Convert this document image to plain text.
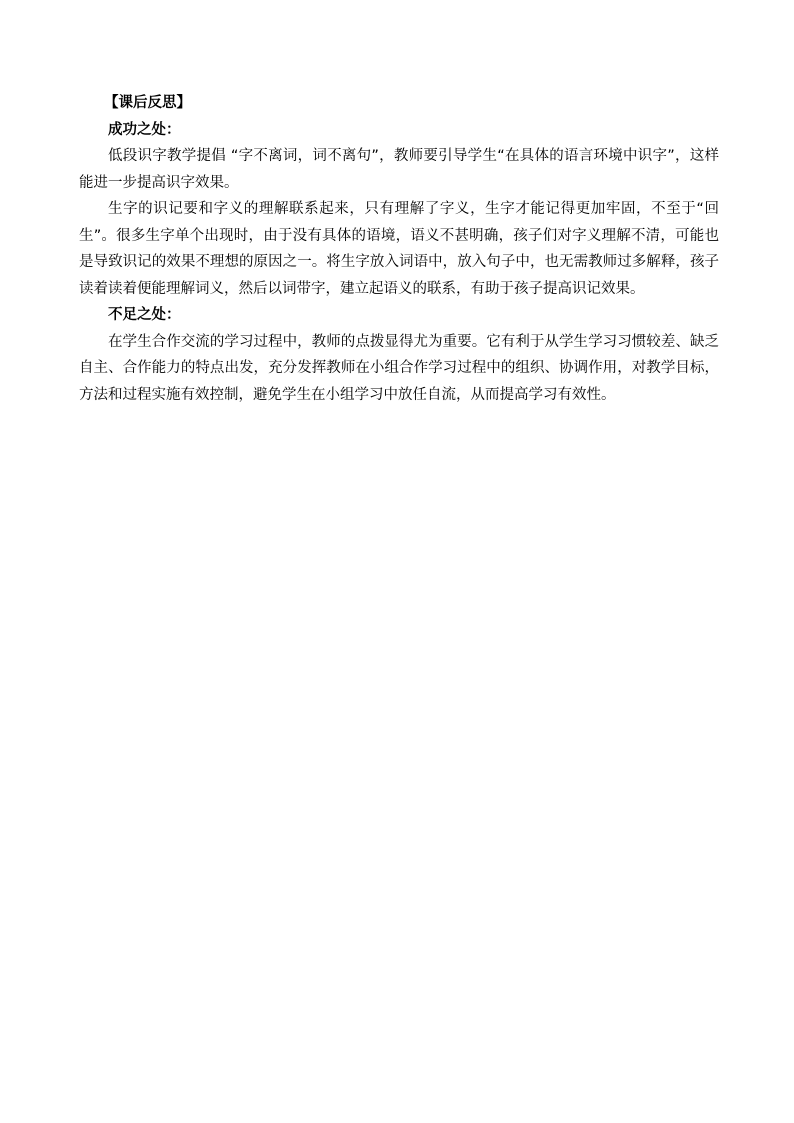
【课后反思】

成功之处：

低段识字教学提倡 “字不离词，词不离句”，教师要引导学生“在具体的语言环境中识字”，这样能进一步提高识字效果。

生字的识记要和字义的理解联系起来，只有理解了字义，生字才能记得更加牢固，不至于“回生”。很多生字单个出现时，由于没有具体的语境，语义不甚明确，孩子们对字义理解不清，可能也是导致识记的效果不理想的原因之一。将生字放入词语中，放入句子中，也无需教师过多解释，孩子读着读着便能理解词义，然后以词带字，建立起语义的联系，有助于孩子提高识记效果。

不足之处：

在学生合作交流的学习过程中，教师的点拨显得尤为重要。它有利于从学生学习习惯较差、缺乏自主、合作能力的特点出发，充分发挥教师在小组合作学习过程中的组织、协调作用，对教学目标，方法和过程实施有效控制，避免学生在小组学习中放任自流，从而提高学习有效性。
